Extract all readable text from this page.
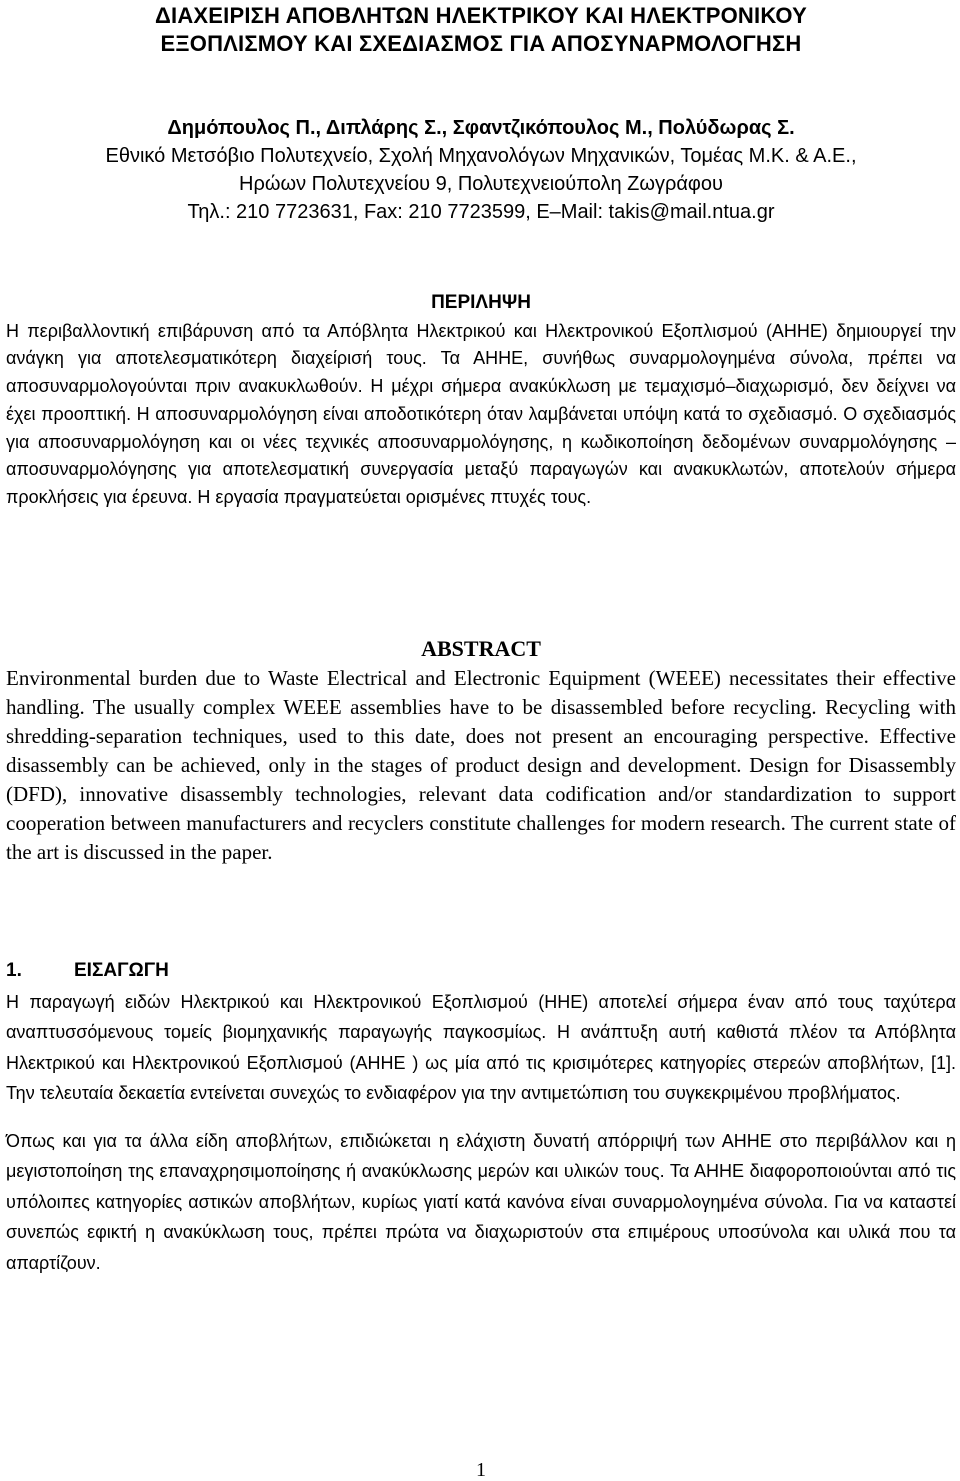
ΔΙΑΧΕΙΡΙΣΗ ΑΠΟΒΛΗΤΩΝ ΗΛΕΚΤΡΙΚΟΥ ΚΑΙ ΗΛΕΚΤΡΟΝΙΚΟΥ
ΕΞΟΠΛΙΣΜΟΥ ΚΑΙ ΣΧΕΔΙΑΣΜΟΣ ΓΙΑ ΑΠΟΣΥΝΑΡΜΟΛΟΓΗΣΗ
Δημόπουλος Π., Διπλάρης Σ., Σφαντζικόπουλος Μ., Πολύδωρας Σ.
Εθνικό Μετσόβιο Πολυτεχνείο, Σχολή Μηχανολόγων Μηχανικών, Τομέας Μ.Κ. & Α.Ε.,
Ηρώων Πολυτεχνείου 9, Πολυτεχνειούπολη Ζωγράφου
Τηλ.: 210 7723631, Fax: 210 7723599, E–Mail: takis@mail.ntua.gr
ΠΕΡΙΛΗΨΗ

Η περιβαλλοντική επιβάρυνση από τα Απόβλητα Ηλεκτρικού και Ηλεκτρονικού Εξοπλισμού (ΑΗΗΕ) δημιουργεί την ανάγκη για αποτελεσματικότερη διαχείρισή τους. Τα ΑΗΗΕ, συνήθως συναρμολογημένα σύνολα, πρέπει να αποσυναρμολογούνται πριν ανακυκλωθούν. Η μέχρι σήμερα ανακύκλωση με τεμαχισμό–διαχωρισμό, δεν δείχνει να έχει προοπτική. Η αποσυναρμολόγηση είναι αποδοτικότερη όταν λαμβάνεται υπόψη κατά το σχεδιασμό. Ο σχεδιασμός για αποσυναρμολόγηση και οι νέες τεχνικές αποσυναρμολόγησης, η κωδικοποίηση δεδομένων συναρμολόγησης – αποσυναρμολόγησης για αποτελεσματική συνεργασία μεταξύ παραγωγών και ανακυκλωτών, αποτελούν σήμερα προκλήσεις για έρευνα. Η εργασία πραγματεύεται ορισμένες πτυχές τους.

ABSTRACT

Environmental burden due to Waste Electrical and Electronic Equipment (WEEE) necessitates their effective handling. The usually complex WEEE assemblies have to be disassembled before recycling. Recycling with shredding-separation techniques, used to this date, does not present an encouraging perspective. Effective disassembly can be achieved, only in the stages of product design and development. Design for Disassembly (DFD), innovative disassembly technologies, relevant data codification and/or standardization to support cooperation between manufacturers and recyclers constitute challenges for modern research. The current state of the art is discussed in the paper.

1.	ΕΙΣΑΓΩΓΗ

Η παραγωγή ειδών Ηλεκτρικού και Ηλεκτρονικού Εξοπλισμού (ΗΗΕ) αποτελεί σήμερα έναν από τους ταχύτερα αναπτυσσόμενους τομείς βιομηχανικής παραγωγής παγκοσμίως. Η ανάπτυξη αυτή καθιστά πλέον τα Απόβλητα Ηλεκτρικού και Ηλεκτρονικού Εξοπλισμού (ΑΗΗΕ ) ως μία από τις κρισιμότερες κατηγορίες στερεών αποβλήτων, [1]. Την τελευταία δεκαετία εντείνεται συνεχώς το ενδιαφέρον για την αντιμετώπιση του συγκεκριμένου προβλήματος.

Όπως και για τα άλλα είδη αποβλήτων, επιδιώκεται η ελάχιστη δυνατή απόρριψή των ΑΗΗΕ στο περιβάλλον και η μεγιστοποίηση της επαναχρησιμοποίησης ή ανακύκλωσης μερών και υλικών τους. Τα ΑΗΗΕ διαφοροποιούνται από τις υπόλοιπες κατηγορίες αστικών αποβλήτων, κυρίως γιατί κατά κανόνα είναι συναρμολογημένα σύνολα. Για να καταστεί συνεπώς εφικτή η ανακύκλωση τους, πρέπει πρώτα να διαχωριστούν στα επιμέρους υποσύνολα και υλικά που τα απαρτίζουν.

1
